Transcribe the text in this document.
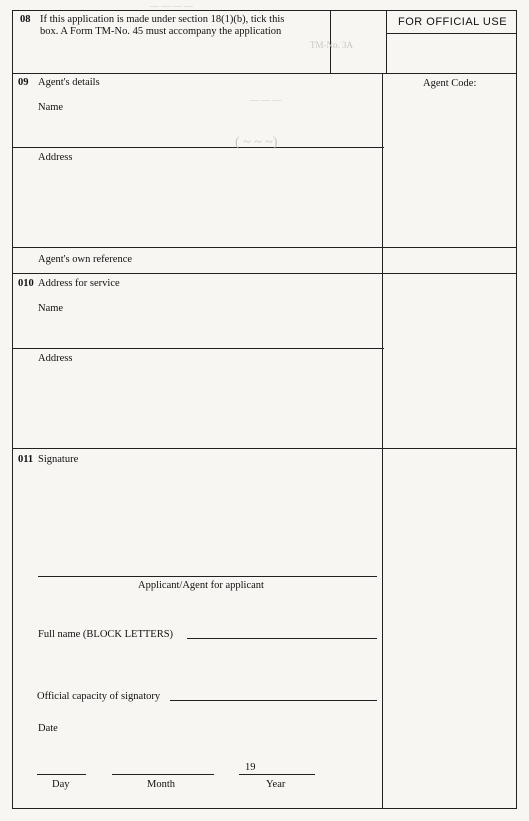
— — — —
TM-No. 3A
— — —
( ~ ~ ~)
08 If this application is made under section 18(1)(b), tick this
box. A Form TM-No. 45 must accompany the application
FOR OFFICIAL USE
Agent Code:
09 Agent's details
Name
Address
Agent's own reference
010 Address for service
Name
Address
011 Signature
Applicant/Agent for applicant
Full name (BLOCK LETTERS)
Official capacity of signatory
Date
19
Day	Month	Year
